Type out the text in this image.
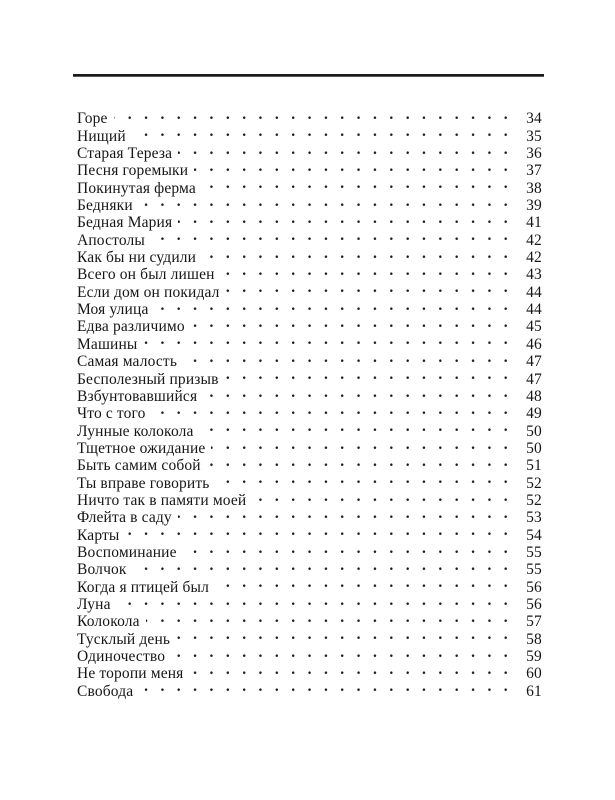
Горе . . .	34
Нищий . . .	35
Старая Тереза . . .	36
Песня горемыки . . .	37
Покинутая ферма . . .	38
Бедняки . . .	39
Бедная Мария . . .	41
Апостолы . . .	42
Как бы ни судили . . .	42
Всего он был лишен . . .	43
Если дом он покидал . . .	44
Моя улица . . .	44
Едва различимо . . .	45
Машины . . .	46
Самая малость . . .	47
Бесполезный призыв . . .	47
Взбунтовавшийся . . .	48
Что с того . . .	49
Лунные колокола . . .	50
Тщетное ожидание . . .	50
Быть самим собой . . .	51
Ты вправе говорить . . .	52
Ничто так в памяти моей . . .	52
Флейта в саду . . .	53
Карты . . .	54
Воспоминание . . .	55
Волчок . . .	55
Когда я птицей был . . .	56
Луна . . .	56
Колокола . . .	57
Тусклый день . . .	58
Одиночество . . .	59
Не торопи меня . . .	60
Свобода . . .	61
